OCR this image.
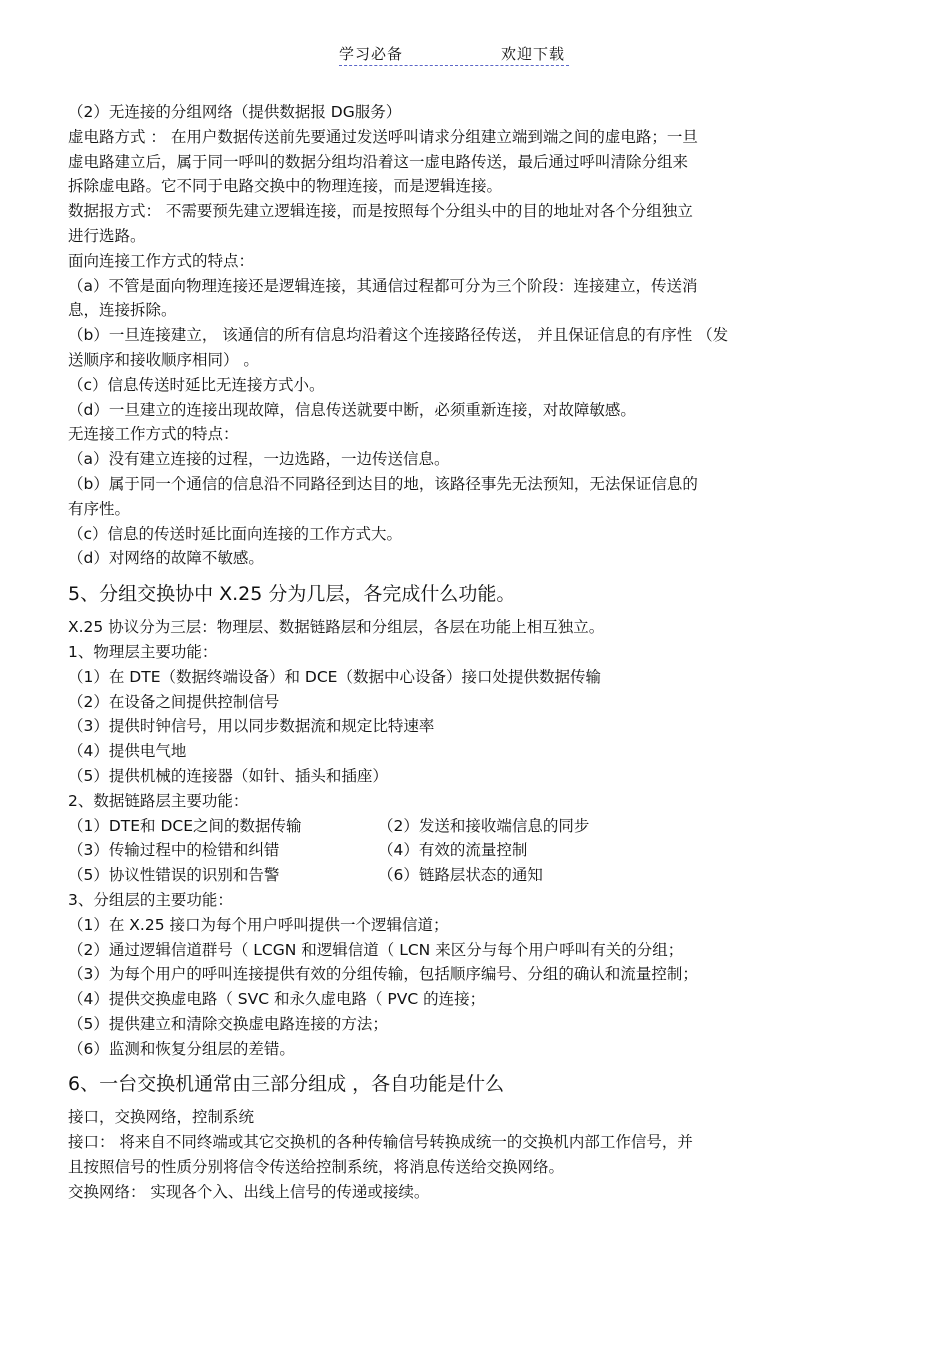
学习必备	欢迎下载
（2）无连接的分组网络（提供数据报 DG服务）
虚电路方式 ： 在用户数据传送前先要通过发送呼叫请求分组建立端到端之间的虚电路；一旦
虚电路建立后，属于同一呼叫的数据分组均沿着这一虚电路传送，最后通过呼叫清除分组来
拆除虚电路。它不同于电路交换中的物理连接，而是逻辑连接。
数据报方式： 不需要预先建立逻辑连接，而是按照每个分组头中的目的地址对各个分组独立
进行选路。
面向连接工作方式的特点：
（a）不管是面向物理连接还是逻辑连接，其通信过程都可分为三个阶段：连接建立，传送消
息，连接拆除。
（b）一旦连接建立， 该通信的所有信息均沿着这个连接路径传送， 并且保证信息的有序性 （发
送顺序和接收顺序相同） 。
（c）信息传送时延比无连接方式小。
（d）一旦建立的连接出现故障，信息传送就要中断，必须重新连接，对故障敏感。
无连接工作方式的特点：
（a）没有建立连接的过程，一边选路，一边传送信息。
（b）属于同一个通信的信息沿不同路径到达目的地，该路径事先无法预知，无法保证信息的
有序性。
（c）信息的传送时延比面向连接的工作方式大。
（d）对网络的故障不敏感。
5、分组交换协中 X.25 分为几层，各完成什么功能。
X.25 协议分为三层：物理层、数据链路层和分组层，各层在功能上相互独立。
1、物理层主要功能：
（1）在 DTE（数据终端设备）和 DCE（数据中心设备）接口处提供数据传输
（2）在设备之间提供控制信号
（3）提供时钟信号，用以同步数据流和规定比特速率
（4）提供电气地
（5）提供机械的连接器（如针、插头和插座）
2、数据链路层主要功能：
（1）DTE和 DCE之间的数据传输	（2）发送和接收端信息的同步
（3）传输过程中的检错和纠错	（4）有效的流量控制
（5）协议性错误的识别和告警	（6）链路层状态的通知
3、分组层的主要功能：
（1）在 X.25 接口为每个用户呼叫提供一个逻辑信道；
（2）通过逻辑信道群号（ LCGN 和逻辑信道（ LCN 来区分与每个用户呼叫有关的分组；
（3）为每个用户的呼叫连接提供有效的分组传输，包括顺序编号、分组的确认和流量控制；
（4）提供交换虚电路（ SVC 和永久虚电路（ PVC 的连接；
（5）提供建立和清除交换虚电路连接的方法；
（6）监测和恢复分组层的差错。
6、一台交换机通常由三部分组成 ，各自功能是什么
接口，交换网络，控制系统
接口： 将来自不同终端或其它交换机的各种传输信号转换成统一的交换机内部工作信号，并
且按照信号的性质分别将信令传送给控制系统，将消息传送给交换网络。
交换网络： 实现各个入、出线上信号的传递或接续。
